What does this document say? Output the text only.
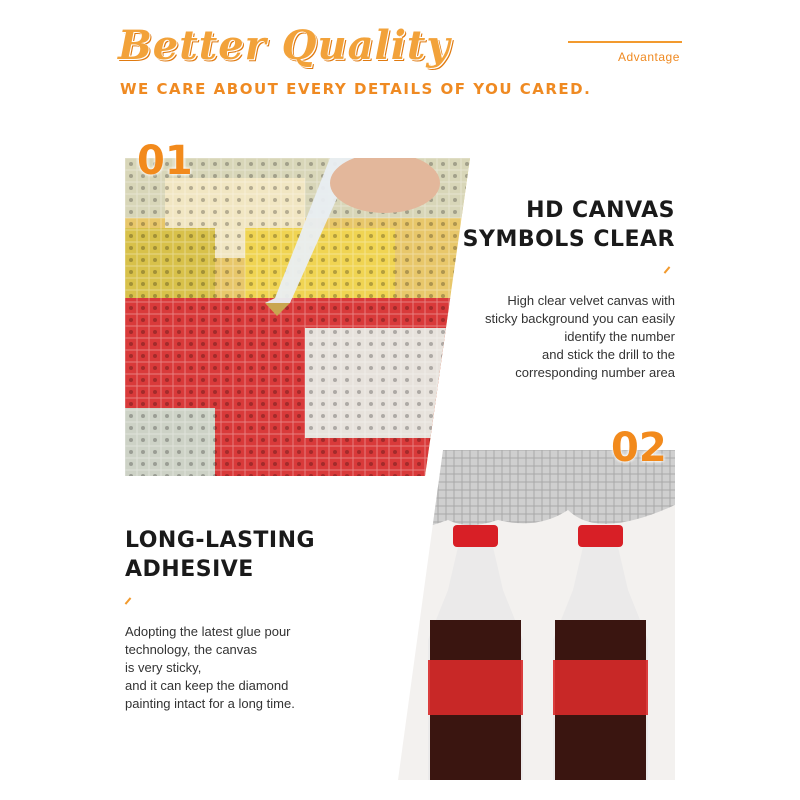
Better Quality
WE CARE ABOUT EVERY DETAILS OF YOU CARED.
Advantage
01
HD CANVAS
SYMBOLS CLEAR
High clear velvet canvas with
sticky background you can easily
identify the number
and stick the drill to the
corresponding number area
02
LONG-LASTING
ADHESIVE
Adopting the latest glue pour
technology, the canvas
is very sticky,
and it can keep the diamond
painting intact for a long time.
